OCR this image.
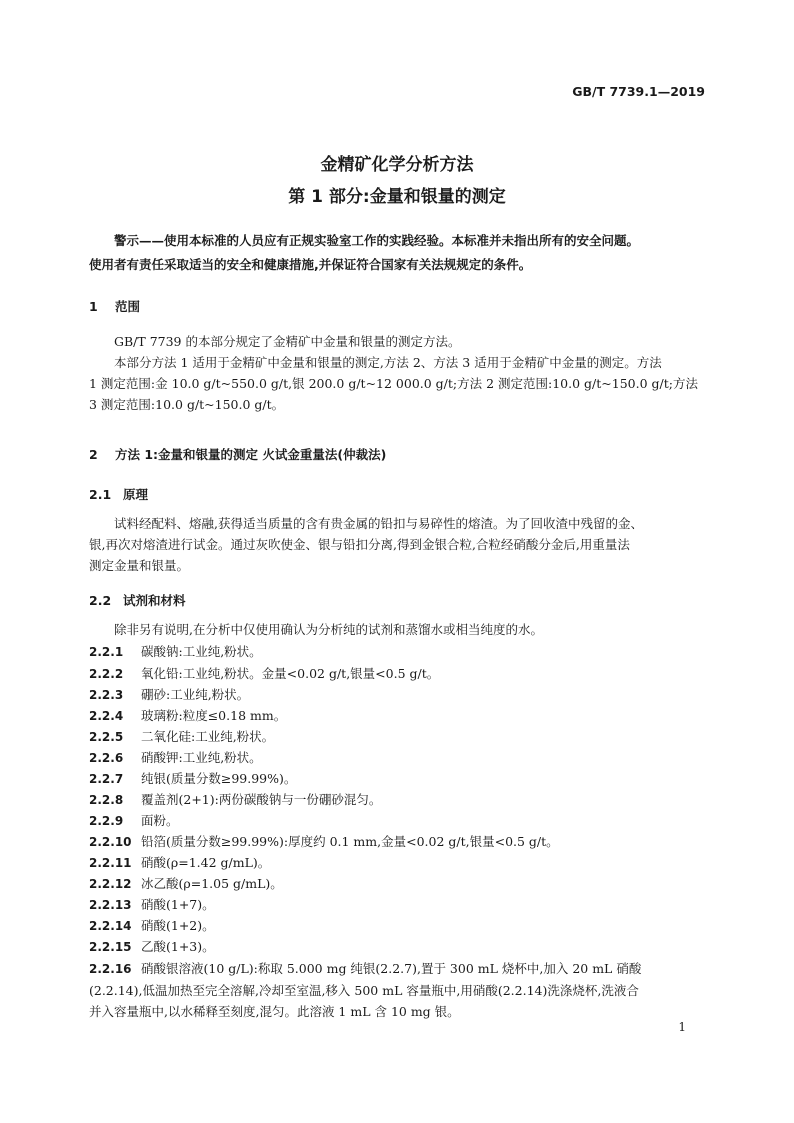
GB/T 7739.1—2019
金精矿化学分析方法
第 1 部分:金量和银量的测定
警示——使用本标准的人员应有正规实验室工作的实践经验。本标准并未指出所有的安全问题。
使用者有责任采取适当的安全和健康措施,并保证符合国家有关法规规定的条件。
1 范围
GB/T 7739 的本部分规定了金精矿中金量和银量的测定方法。
本部分方法 1 适用于金精矿中金量和银量的测定,方法 2、方法 3 适用于金精矿中金量的测定。方法
1 测定范围:金 10.0 g/t~550.0 g/t,银 200.0 g/t~12 000.0 g/t;方法 2 测定范围:10.0 g/t~150.0 g/t;方法
3 测定范围:10.0 g/t~150.0 g/t。
2 方法 1:金量和银量的测定 火试金重量法(仲裁法)
2.1 原理
试料经配料、熔融,获得适当质量的含有贵金属的铅扣与易碎性的熔渣。为了回收渣中残留的金、
银,再次对熔渣进行试金。通过灰吹使金、银与铅扣分离,得到金银合粒,合粒经硝酸分金后,用重量法
测定金量和银量。
2.2 试剂和材料
除非另有说明,在分析中仅使用确认为分析纯的试剂和蒸馏水或相当纯度的水。
2.2.1 碳酸钠:工业纯,粉状。
2.2.2 氧化铅:工业纯,粉状。金量<0.02 g/t,银量<0.5 g/t。
2.2.3 硼砂:工业纯,粉状。
2.2.4 玻璃粉:粒度≤0.18 mm。
2.2.5 二氧化硅:工业纯,粉状。
2.2.6 硝酸钾:工业纯,粉状。
2.2.7 纯银(质量分数≥99.99%)。
2.2.8 覆盖剂(2+1):两份碳酸钠与一份硼砂混匀。
2.2.9 面粉。
2.2.10 铅箔(质量分数≥99.99%):厚度约 0.1 mm,金量<0.02 g/t,银量<0.5 g/t。
2.2.11 硝酸(ρ=1.42 g/mL)。
2.2.12 冰乙酸(ρ=1.05 g/mL)。
2.2.13 硝酸(1+7)。
2.2.14 硝酸(1+2)。
2.2.15 乙酸(1+3)。
2.2.16 硝酸银溶液(10 g/L):称取 5.000 mg 纯银(2.2.7),置于 300 mL 烧杯中,加入 20 mL 硝酸
(2.2.14),低温加热至完全溶解,冷却至室温,移入 500 mL 容量瓶中,用硝酸(2.2.14)洗涤烧杯,洗液合
并入容量瓶中,以水稀释至刻度,混匀。此溶液 1 mL 含 10 mg 银。
1
